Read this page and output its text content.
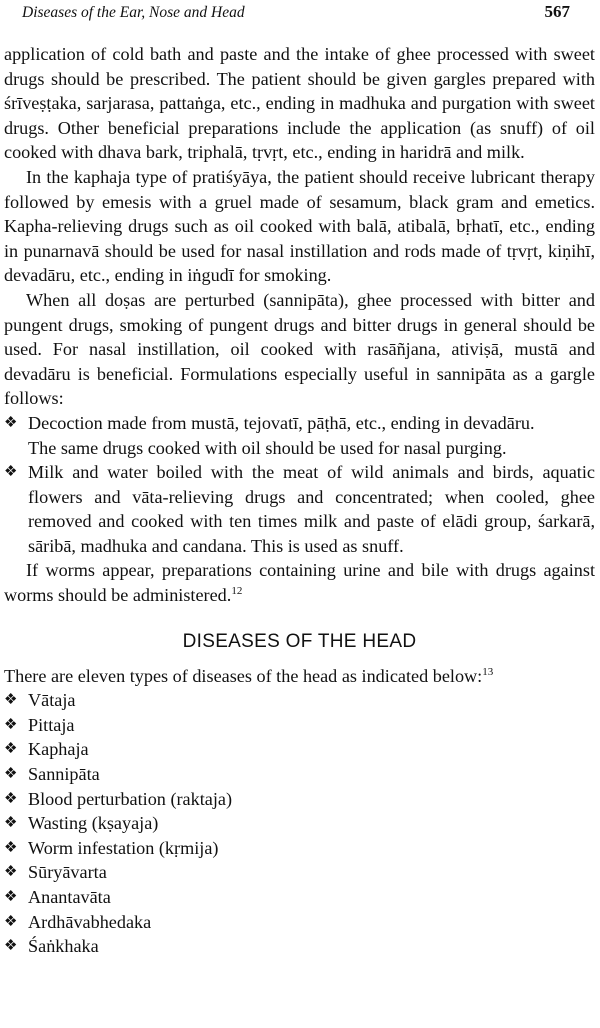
Diseases of the Ear, Nose and Head	567

application of cold bath and paste and the intake of ghee processed with sweet drugs should be prescribed. The patient should be given gargles prepared with śrīveṣṭaka, sarjarasa, pattaṅga, etc., ending in madhuka and purgation with sweet drugs. Other beneficial preparations include the application (as snuff) of oil cooked with dhava bark, triphalā, tṛvṛt, etc., ending in haridrā and milk.

In the kaphaja type of pratiśyāya, the patient should receive lubricant therapy followed by emesis with a gruel made of sesamum, black gram and emetics. Kapha-relieving drugs such as oil cooked with balā, atibalā, bṛhatī, etc., ending in punarnavā should be used for nasal instillation and rods made of tṛvṛt, kiṇihī, devadāru, etc., ending in iṅgudī for smoking.

When all doṣas are perturbed (sannipāta), ghee processed with bitter and pungent drugs, smoking of pungent drugs and bitter drugs in general should be used. For nasal instillation, oil cooked with rasāñjana, ativiṣā, mustā and devadāru is beneficial. Formulations especially useful in sannipāta as a gargle follows:

❖ Decoction made from mustā, tejovatī, pāṭhā, etc., ending in devadāru.
The same drugs cooked with oil should be used for nasal purging.
❖ Milk and water boiled with the meat of wild animals and birds, aquatic flowers and vāta-relieving drugs and concentrated; when cooled, ghee removed and cooked with ten times milk and paste of elādi group, śarkarā, sāribā, madhuka and candana. This is used as snuff.

If worms appear, preparations containing urine and bile with drugs against worms should be administered.$^{12}$

DISEASES OF THE HEAD

There are eleven types of diseases of the head as indicated below:$^{13}$

❖ Vātaja
❖ Pittaja
❖ Kaphaja
❖ Sannipāta
❖ Blood perturbation (raktaja)
❖ Wasting (kṣayaja)
❖ Worm infestation (kṛmija)
❖ Sūryāvarta
❖ Anantavāta
❖ Ardhāvabhedaka
❖ Śaṅkhaka
